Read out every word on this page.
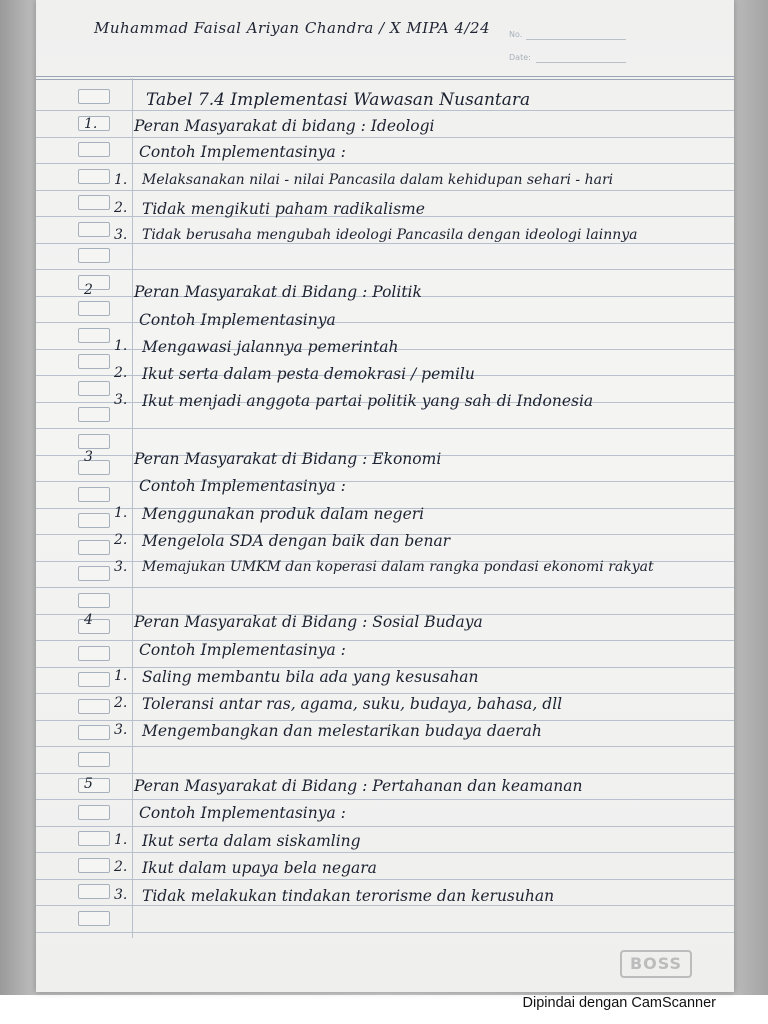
Muhammad Faisal Ariyan Chandra / X MIPA 4/24 No.
Date:
Tabel 7.4 Implementasi Wawasan Nusantara
1. Peran Masyarakat di bidang : Ideologi
Contoh Implementasinya :
1. Melaksanakan nilai - nilai Pancasila dalam kehidupan sehari - hari
2. Tidak mengikuti paham radikalisme
3. Tidak berusaha mengubah ideologi Pancasila dengan ideologi lainnya
2	Peran Masyarakat di Bidang : Politik
Contoh Implementasinya
1. Mengawasi jalannya pemerintah
2. Ikut serta dalam pesta demokrasi / pemilu
3. Ikut menjadi anggota partai politik yang sah di Indonesia
3	Peran Masyarakat di Bidang : Ekonomi
Contoh Implementasinya :
1. Menggunakan produk dalam negeri
2. Mengelola SDA dengan baik dan benar
3. Memajukan UMKM dan koperasi dalam rangka pondasi ekonomi rakyat
4	Peran Masyarakat di Bidang : Sosial Budaya
Contoh Implementasinya :
1. Saling membantu bila ada yang kesusahan
2. Toleransi antar ras, agama, suku, budaya, bahasa, dll
3. Mengembangkan dan melestarikan budaya daerah
5	Peran Masyarakat di Bidang : Pertahanan dan keamanan
Contoh Implementasinya :
1. Ikut serta dalam siskamling
2. Ikut dalam upaya bela negara
3. Tidak melakukan tindakan terorisme dan kerusuhan
BOSS
Dipindai dengan CamScanner
